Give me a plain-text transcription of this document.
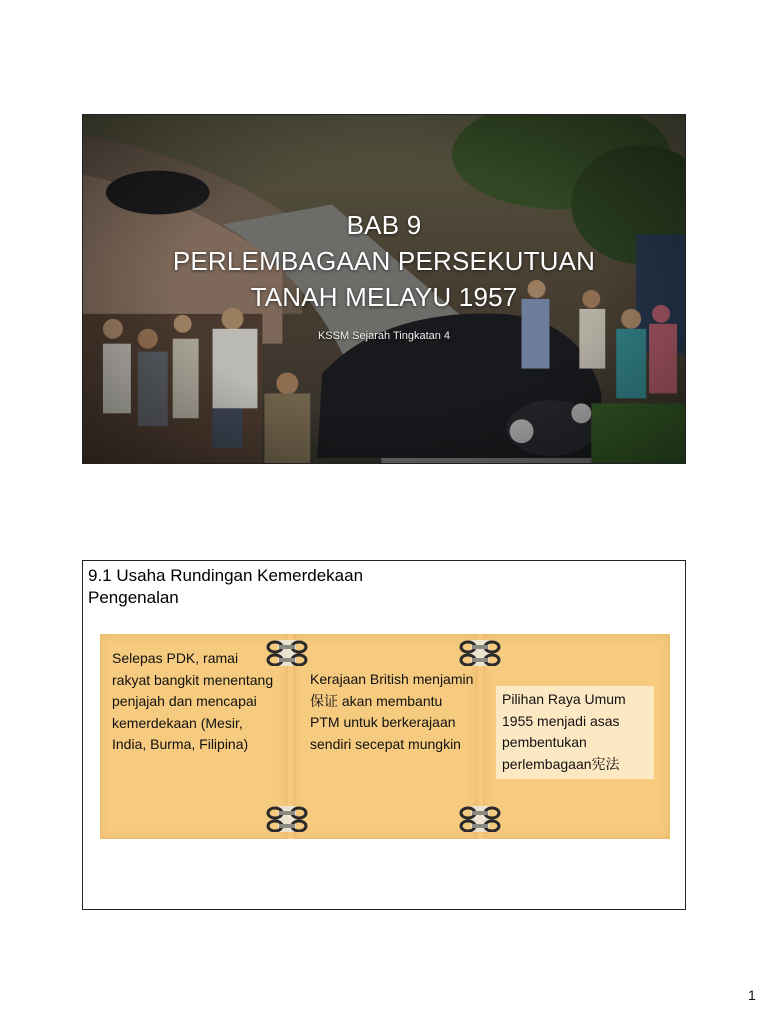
BAB 9
PERLEMBAGAAN PERSEKUTUAN
TANAH MELAYU 1957
KSSM Sejarah Tingkatan 4
9.1 Usaha Rundingan Kemerdekaan
Pengenalan
Selepas PDK, ramai rakyat bangkit menentang penjajah dan mencapai kemerdekaan (Mesir, India, Burma, Filipina)
Kerajaan British menjamin保证 akan membantu PTM untuk berkerajaan sendiri secepat mungkin
Pilihan Raya Umum 1955 menjadi asas pembentukan perlembagaan宪法
1
